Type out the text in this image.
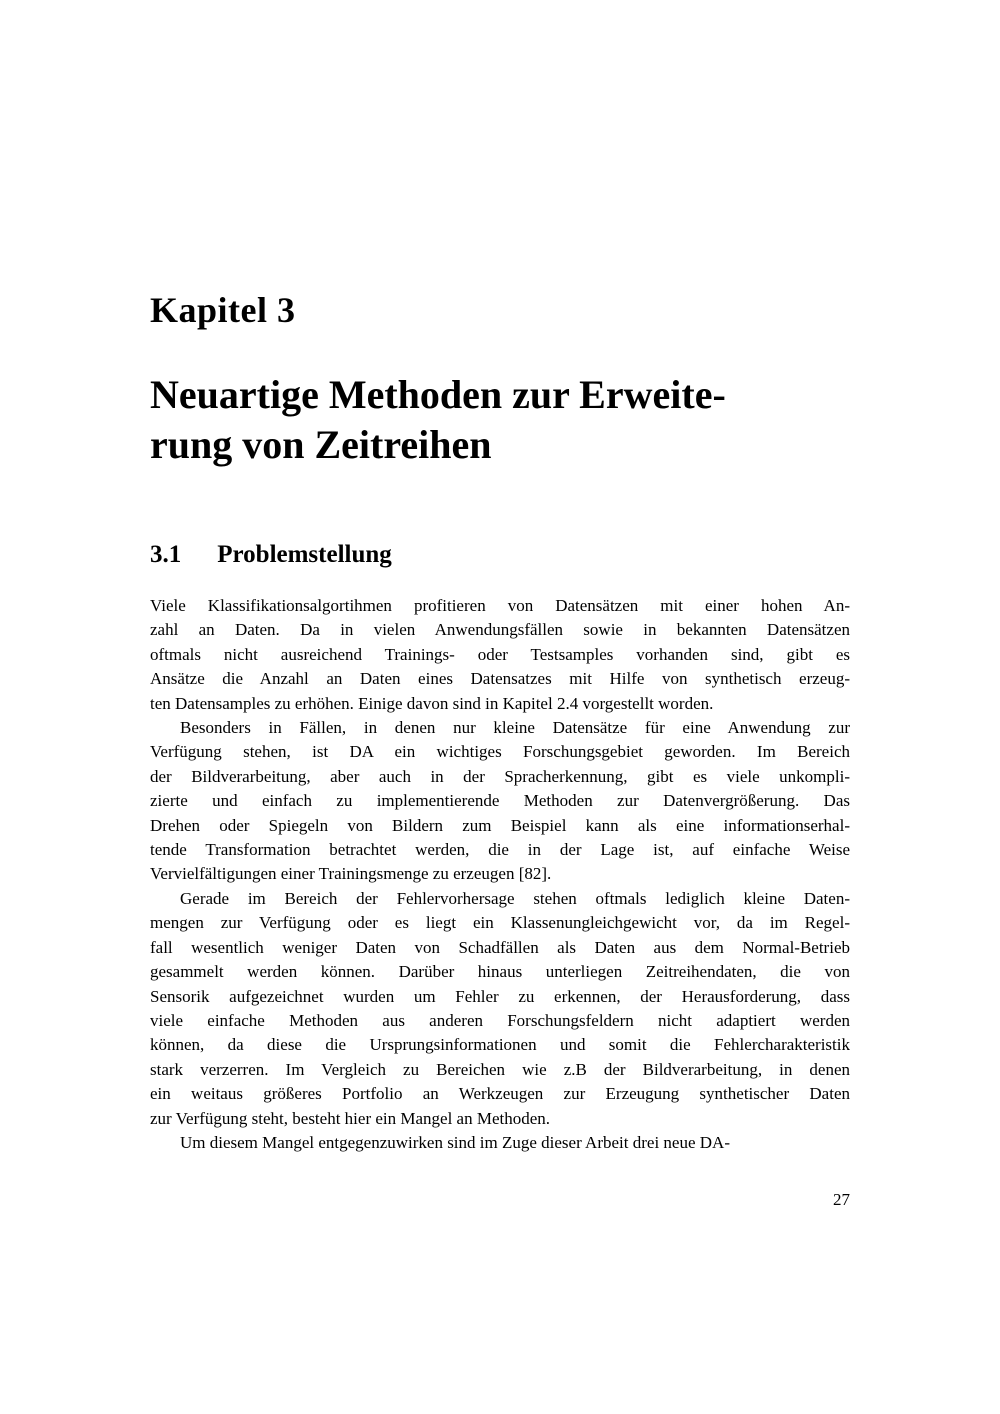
Kapitel 3
Neuartige Methoden zur Erweite-
rung von Zeitreihen
3.1 Problemstellung
Viele Klassifikationsalgortihmen profitieren von Datensätzen mit einer hohen An-
zahl an Daten. Da in vielen Anwendungsfällen sowie in bekannten Datensätzen
oftmals nicht ausreichend Trainings- oder Testsamples vorhanden sind, gibt es
Ansätze die Anzahl an Daten eines Datensatzes mit Hilfe von synthetisch erzeug-
ten Datensamples zu erhöhen. Einige davon sind in Kapitel 2.4 vorgestellt worden.
Besonders in Fällen, in denen nur kleine Datensätze für eine Anwendung zur
Verfügung stehen, ist DA ein wichtiges Forschungsgebiet geworden. Im Bereich
der Bildverarbeitung, aber auch in der Spracherkennung, gibt es viele unkompli-
zierte und einfach zu implementierende Methoden zur Datenvergrößerung. Das
Drehen oder Spiegeln von Bildern zum Beispiel kann als eine informationserhal-
tende Transformation betrachtet werden, die in der Lage ist, auf einfache Weise
Vervielfältigungen einer Trainingsmenge zu erzeugen [82].
Gerade im Bereich der Fehlervorhersage stehen oftmals lediglich kleine Daten-
mengen zur Verfügung oder es liegt ein Klassenungleichgewicht vor, da im Regel-
fall wesentlich weniger Daten von Schadfällen als Daten aus dem Normal-Betrieb
gesammelt werden können. Darüber hinaus unterliegen Zeitreihendaten, die von
Sensorik aufgezeichnet wurden um Fehler zu erkennen, der Herausforderung, dass
viele einfache Methoden aus anderen Forschungsfeldern nicht adaptiert werden
können, da diese die Ursprungsinformationen und somit die Fehlercharakteristik
stark verzerren. Im Vergleich zu Bereichen wie z.B der Bildverarbeitung, in denen
ein weitaus größeres Portfolio an Werkzeugen zur Erzeugung synthetischer Daten
zur Verfügung steht, besteht hier ein Mangel an Methoden.
Um diesem Mangel entgegenzuwirken sind im Zuge dieser Arbeit drei neue DA-
27
